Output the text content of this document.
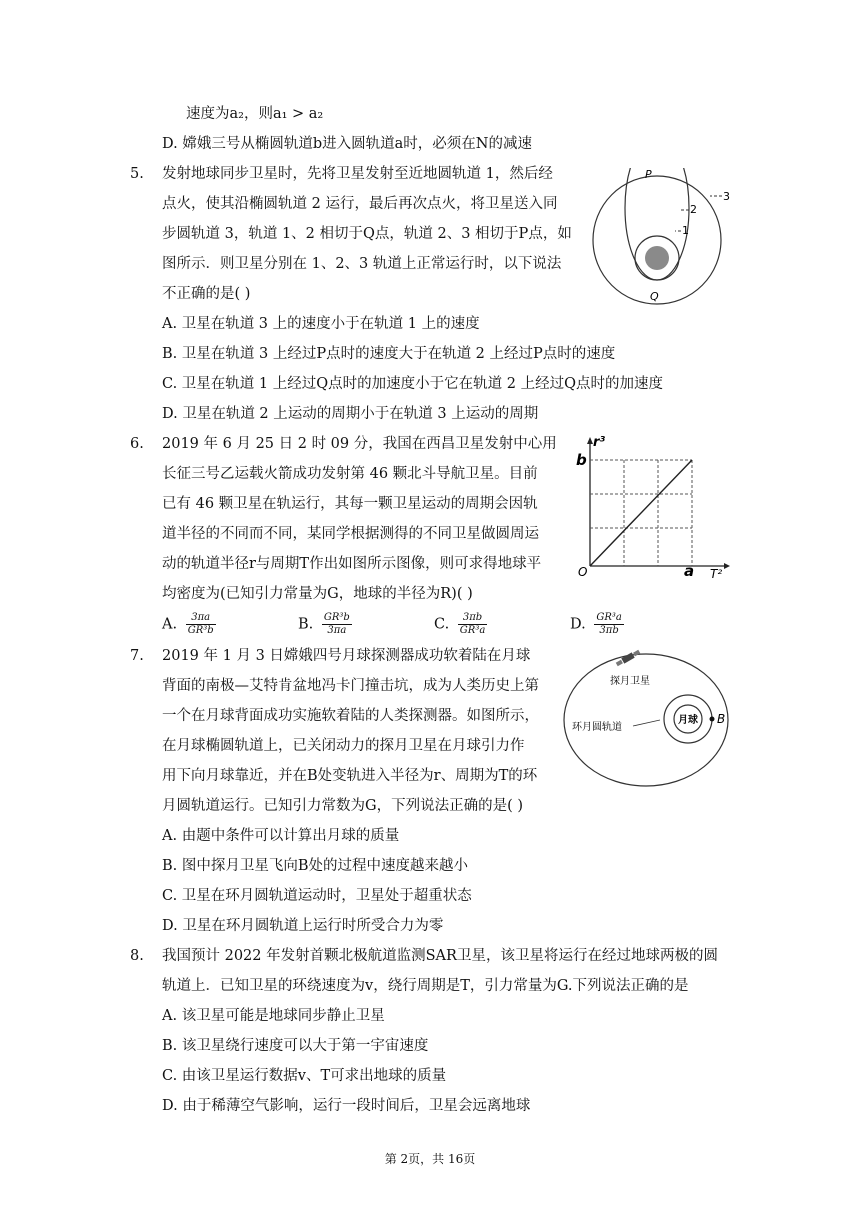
速度为a₂，则a₁ > a₂
D. 嫦娥三号从椭圆轨道b进入圆轨道a时，必须在N的减速
5. 发射地球同步卫星时，先将卫星发射至近地圆轨道 1，然后经
点火，使其沿椭圆轨道 2 运行，最后再次点火，将卫星送入同
步圆轨道 3，轨道 1、2 相切于Q点，轨道 2、3 相切于P点，如
图所示．则卫星分别在 1、2、3 轨道上正常运行时，以下说法
不正确的是( )
A. 卫星在轨道 3 上的速度小于在轨道 1 上的速度
B. 卫星在轨道 3 上经过P点时的速度大于在轨道 2 上经过P点时的速度
C. 卫星在轨道 1 上经过Q点时的加速度小于它在轨道 2 上经过Q点时的加速度
D. 卫星在轨道 2 上运动的周期小于在轨道 3 上运动的周期
P
Q
3
2
1
6. 2019 年 6 月 25 日 2 时 09 分，我国在西昌卫星发射中心用
长征三号乙运载火箭成功发射第 46 颗北斗导航卫星。目前
已有 46 颗卫星在轨运行，其每一颗卫星运动的周期会因轨
道半径的不同而不同，某同学根据测得的不同卫星做圆周运
动的轨道半径r与周期T作出如图所示图像，则可求得地球平
均密度为(已知引力常量为G，地球的半径为R)( )
A. $\frac{3\pi a}{\text{GR³b}}$	B. $\frac{\text{GR³b}}{3\pi a}$	C. $\frac{3\pi b}{\text{GR³a}}$	D. $\frac{\text{GR³a}}{3\pi b}$
r³
T²
b
a
O
7. 2019 年 1 月 3 日嫦娥四号月球探测器成功软着陆在月球
背面的南极—艾特肯盆地冯卡门撞击坑，成为人类历史上第
一个在月球背面成功实施软着陆的人类探测器。如图所示，
在月球椭圆轨道上，已关闭动力的探月卫星在月球引力作
用下向月球靠近，并在B处变轨进入半径为r、周期为T的环
月圆轨道运行。已知引力常数为G，下列说法正确的是( )
A. 由题中条件可以计算出月球的质量
B. 图中探月卫星飞向B处的过程中速度越来越小
C. 卫星在环月圆轨道运动时，卫星处于超重状态
D. 卫星在环月圆轨道上运行时所受合力为零
探月卫星
环月圆轨道
月球 B
8. 我国预计 2022 年发射首颗北极航道监测SAR卫星，该卫星将运行在经过地球两极的圆
轨道上．已知卫星的环绕速度为v，绕行周期是T，引力常量为G.下列说法正确的是
A. 该卫星可能是地球同步静止卫星
B. 该卫星绕行速度可以大于第一宇宙速度
C. 由该卫星运行数据v、T可求出地球的质量
D. 由于稀薄空气影响，运行一段时间后，卫星会远离地球
第 2页，共 16页
